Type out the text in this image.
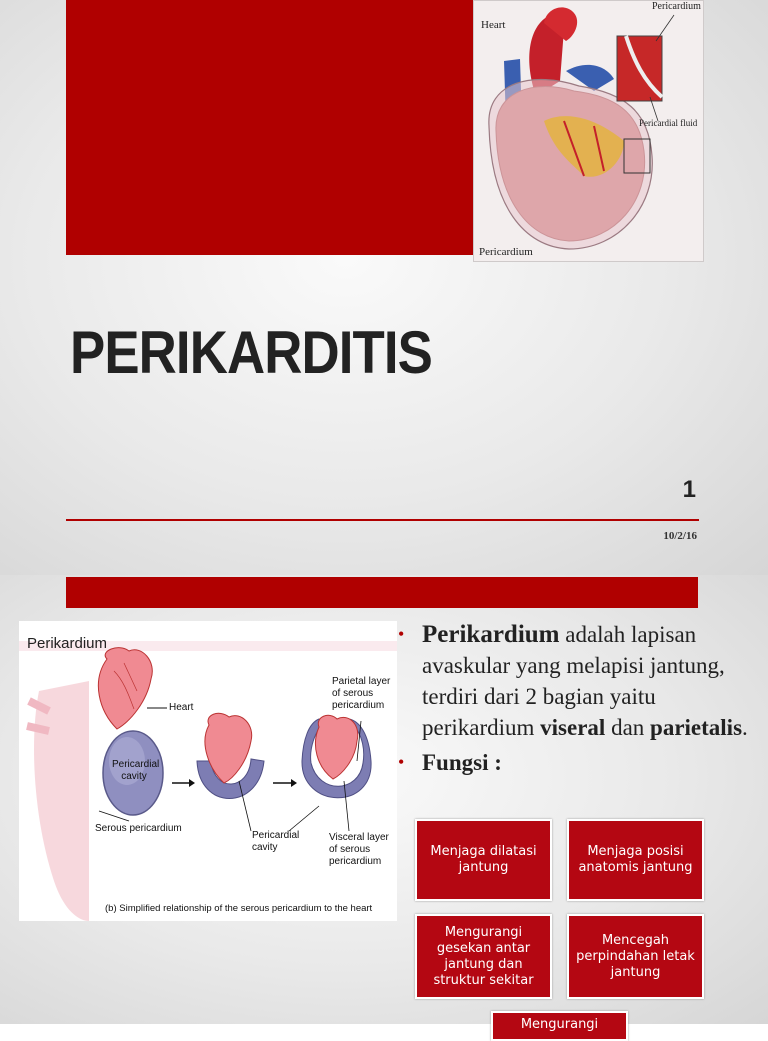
Heart
Pericardium
Pericardial fluid
Pericardium
PERIKARDITIS
1
10/2/16
Perikardium
Heart
Pericardial cavity
Serous pericardium
Parietal layer of serous pericardium
Pericardial cavity
Visceral layer of serous pericardium
(b) Simplified relationship of the serous pericardium to the heart
• Perikardium adalah lapisan avaskular yang melapisi jantung, terdiri dari 2 bagian yaitu perikardium viseral dan parietalis.
• Fungsi :
Menjaga dilatasi jantung
Menjaga posisi anatomis jantung
Mengurangi gesekan antar jantung dan struktur sekitar
Mencegah perpindahan letak jantung
Mengurangi
